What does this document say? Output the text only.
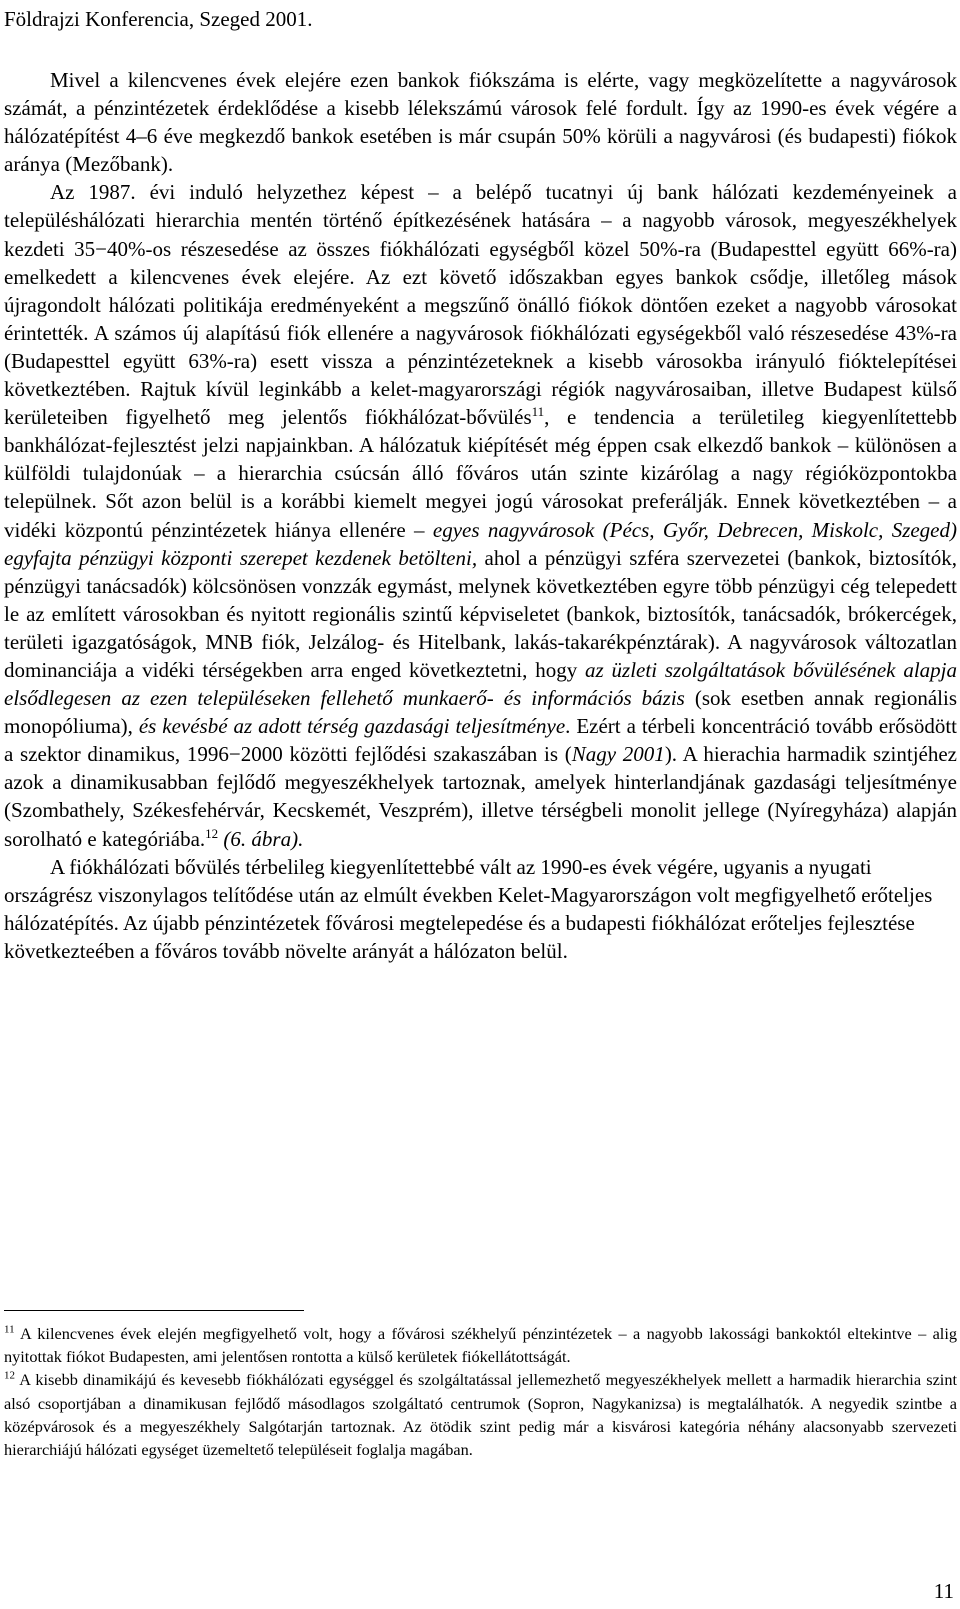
Földrajzi Konferencia, Szeged 2001.

Mivel a kilencvenes évek elejére ezen bankok fiókszáma is elérte, vagy megközelítette a nagyvárosok számát, a pénzintézetek érdeklődése a kisebb lélekszámú városok felé fordult. Így az 1990-es évek végére a hálózatépítést 4–6 éve megkezdő bankok esetében is már csupán 50% körüli a nagyvárosi (és budapesti) fiókok aránya (Mezőbank).

Az 1987. évi induló helyzethez képest – a belépő tucatnyi új bank hálózati kezdeményeinek a településhálózati hierarchia mentén történő építkezésének hatására – a nagyobb városok, megyeszékhelyek kezdeti 35−40%-os részesedése az összes fiókhálózati egységből közel 50%-ra (Budapesttel együtt 66%-ra) emelkedett a kilencvenes évek elejére. Az ezt követő időszakban egyes bankok csődje, illetőleg mások újragondolt hálózati politikája eredményeként a megszűnő önálló fiókok döntően ezeket a nagyobb városokat érintették. A számos új alapítású fiók ellenére a nagyvárosok fiókhálózati egységekből való részesedése 43%-ra (Budapesttel együtt 63%-ra) esett vissza a pénzintézeteknek a kisebb városokba irányuló fióktelepítései következtében. Rajtuk kívül leginkább a kelet-magyarországi régiók nagyvárosaiban, illetve Budapest külső kerületeiben figyelhető meg jelentős fiókhálózat-bővülés$^{11}$, e tendencia a területileg kiegyenlítettebb bankhálózat-fejlesztést jelzi napjainkban. A hálózatuk kiépítését még éppen csak elkezdő bankok – különösen a külföldi tulajdonúak – a hierarchia csúcsán álló főváros után szinte kizárólag a nagy régióközpontokba települnek. Sőt azon belül is a korábbi kiemelt megyei jogú városokat preferálják. Ennek következtében – a vidéki központú pénzintézetek hiánya ellenére – egyes nagyvárosok (Pécs, Győr, Debrecen, Miskolc, Szeged) egyfajta pénzügyi központi szerepet kezdenek betölteni, ahol a pénzügyi szféra szervezetei (bankok, biztosítók, pénzügyi tanácsadók) kölcsönösen vonzzák egymást, melynek következtében egyre több pénzügyi cég telepedett le az említett városokban és nyitott regionális szintű képviseletet (bankok, biztosítók, tanácsadók, brókercégek, területi igazgatóságok, MNB fiók, Jelzálog- és Hitelbank, lakás-takarékpénztárak). A nagyvárosok változatlan dominanciája a vidéki térségekben arra enged következtetni, hogy az üzleti szolgáltatások bővülésének alapja elsődlegesen az ezen településeken fellehető munkaerő- és információs bázis (sok esetben annak regionális monopóliuma), és kevésbé az adott térség gazdasági teljesítménye. Ezért a térbeli koncentráció tovább erősödött a szektor dinamikus, 1996−2000 közötti fejlődési szakaszában is (Nagy 2001). A hierachia harmadik szintjéhez azok a dinamikusabban fejlődő megyeszékhelyek tartoznak, amelyek hinterlandjának gazdasági teljesítménye (Szombathely, Székesfehérvár, Kecskemét, Veszprém), illetve térségbeli monolit jellege (Nyíregyháza) alapján sorolható e kategóriába.$^{12}$ (6. ábra).

A fiókhálózati bővülés térbelileg kiegyenlítettebbé vált az 1990-es évek végére, ugyanis a nyugati országrész viszonylagos telítődése után az elmúlt években Kelet-Magyarországon volt megfigyelhető erőteljes hálózatépítés. Az újabb pénzintézetek fővárosi megtelepedése és a budapesti fiókhálózat erőteljes fejlesztése következteében a főváros tovább növelte arányát a hálózaton belül.

$^{11}$ A kilencvenes évek elején megfigyelhető volt, hogy a fővárosi székhelyű pénzintézetek – a nagyobb lakossági bankoktól eltekintve – alig nyitottak fiókot Budapesten, ami jelentősen rontotta a külső kerületek fiókellátottságát.

$^{12}$ A kisebb dinamikájú és kevesebb fiókhálózati egységgel és szolgáltatással jellemezhető megyeszékhelyek mellett a harmadik hierarchia szint alsó csoportjában a dinamikusan fejlődő másodlagos szolgáltató centrumok (Sopron, Nagykanizsa) is megtalálhatók. A negyedik szintbe a középvárosok és a megyeszékhely Salgótarján tartoznak. Az ötödik szint pedig már a kisvárosi kategória néhány alacsonyabb szervezeti hierarchiájú hálózati egységet üzemeltető településeit foglalja magában.

11
